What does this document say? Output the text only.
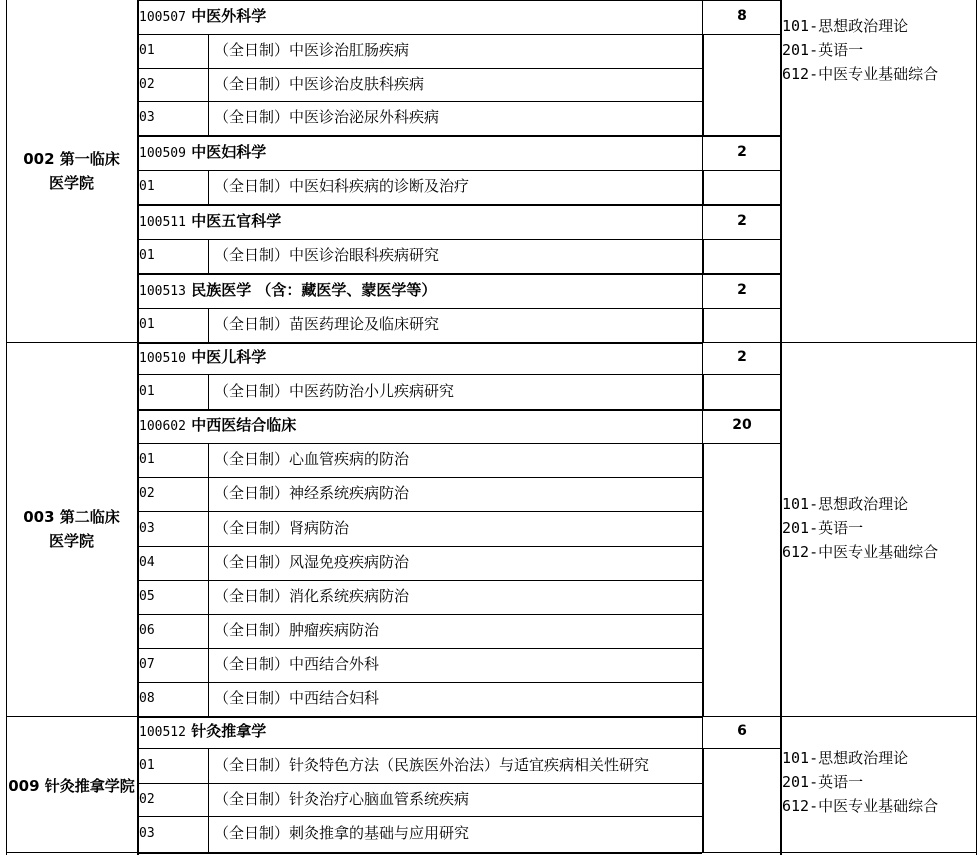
002 第一临床
医学院
101-思想政治理论
201-英语一
612-中医专业基础综合
100507 中医外科学	8
01	（全日制）中医诊治肛肠疾病
02	（全日制）中医诊治皮肤科疾病
03	（全日制）中医诊治泌尿外科疾病
100509 中医妇科学	2
01	（全日制）中医妇科疾病的诊断及治疗
100511 中医五官科学	2
01	（全日制）中医诊治眼科疾病研究
100513 民族医学 （含：藏医学、蒙医学等）	2
01	（全日制）苗医药理论及临床研究
003 第二临床
医学院
101-思想政治理论
201-英语一
612-中医专业基础综合
100510 中医儿科学	2
01	（全日制）中医药防治小儿疾病研究
100602 中西医结合临床	20
01	（全日制）心血管疾病的防治
02	（全日制）神经系统疾病防治
03	（全日制）肾病防治
04	（全日制）风湿免疫疾病防治
05	（全日制）消化系统疾病防治
06	（全日制）肿瘤疾病防治
07	（全日制）中西结合外科
08	（全日制）中西结合妇科
009 针灸推拿学院
101-思想政治理论
201-英语一
612-中医专业基础综合
100512 针灸推拿学	6
01	（全日制）针灸特色方法（民族医外治法）与适宜疾病相关性研究
02	（全日制）针灸治疗心脑血管系统疾病
03	（全日制）刺灸推拿的基础与应用研究
